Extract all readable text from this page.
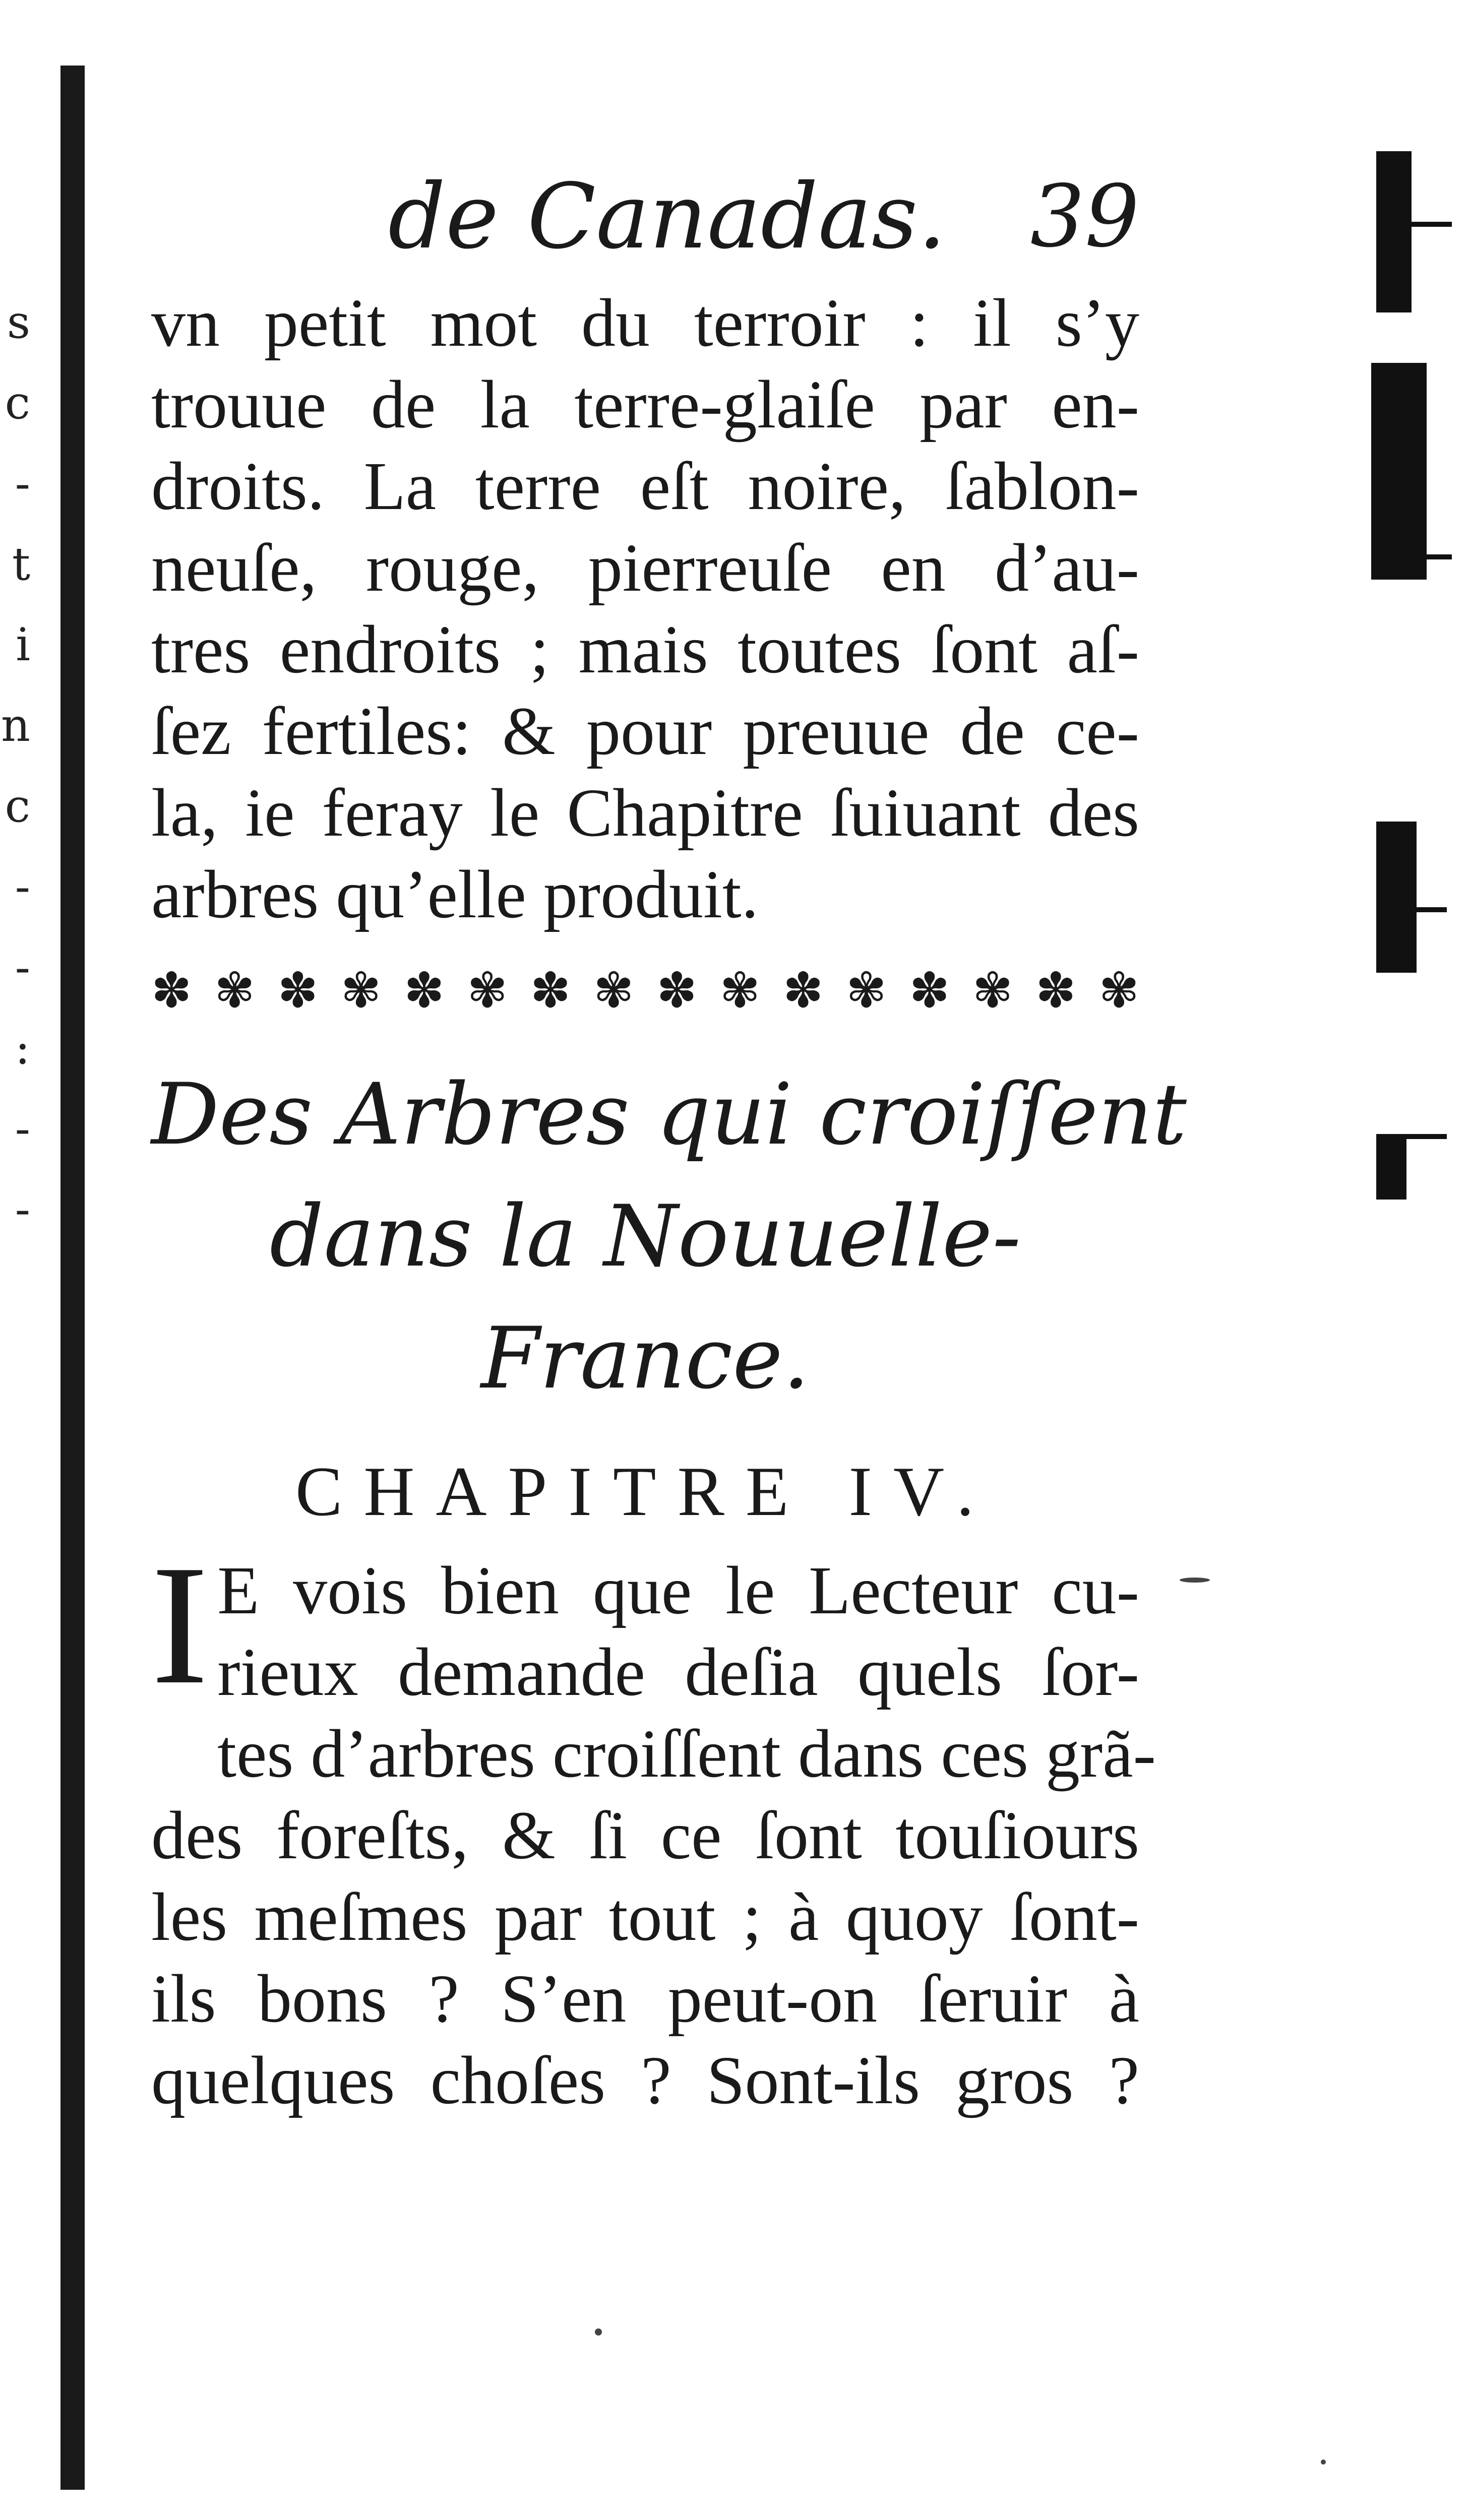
s
c
-
t
i
n
c
-
-
:
-
-
de Canadas. 39

vn petit mot du terroir : il s’y
trouue de la terre-glaiſe par en-
droits. La terre eſt noire, ſablon-
neuſe, rouge, pierreuſe en d’au-
tres endroits ; mais toutes ſont aſ-
ſez fertiles: & pour preuue de ce-
la, ie feray le Chapitre ſuiuant des
arbres qu’elle produit.

✽ ✾ ✽ ✾ ✽ ✾ ✽ ✾ ✽ ✾ ✽ ✾ ✽ ✾ ✽ ✾
Des Arbres qui croiſſent
dans la Nouuelle-
France.

CHAPITRE IV.

I E vois bien que le Lecteur cu-
rieux demande deſia quels ſor-
tes d’arbres croiſſent dans ces grã-
des foreſts, & ſi ce ſont touſiours
les meſmes par tout ; à quoy ſont-
ils bons ? S’en peut-on ſeruir à
quelques choſes ? Sont-ils gros ?
